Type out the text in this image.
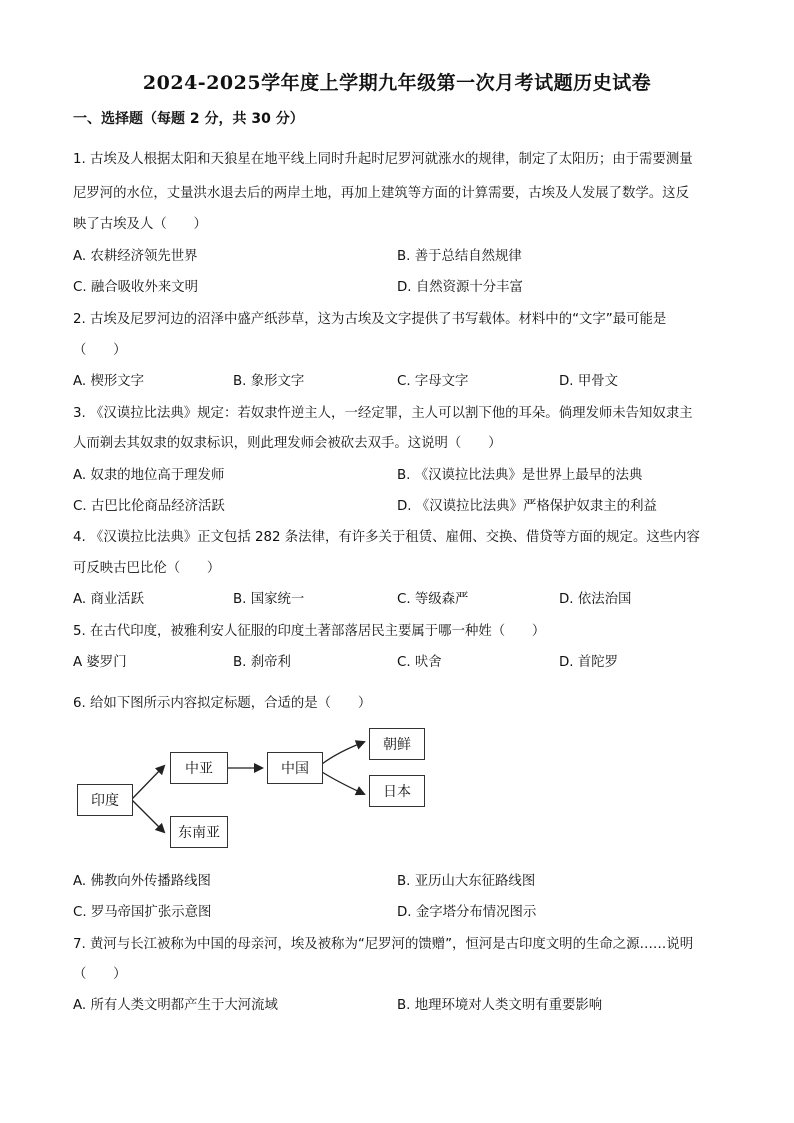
2024-2025学年度上学期九年级第一次月考试题历史试卷
一、选择题（每题 2 分，共 30 分）
1. 古埃及人根据太阳和天狼星在地平线上同时升起时尼罗河就涨水的规律，制定了太阳历；由于需要测量
尼罗河的水位，丈量洪水退去后的两岸土地，再加上建筑等方面的计算需要，古埃及人发展了数学。这反
映了古埃及人（　　）
A. 农耕经济领先世界	B. 善于总结自然规律
C. 融合吸收外来文明	D. 自然资源十分丰富
2. 古埃及尼罗河边的沼泽中盛产纸莎草，这为古埃及文字提供了书写载体。材料中的“文字”最可能是
（　　）
A. 楔形文字	B. 象形文字	C. 字母文字	D. 甲骨文
3. 《汉谟拉比法典》规定：若奴隶忤逆主人，一经定罪，主人可以割下他的耳朵。倘理发师未告知奴隶主
人而剃去其奴隶的奴隶标识，则此理发师会被砍去双手。这说明（　　）
A. 奴隶的地位高于理发师	B. 《汉谟拉比法典》是世界上最早的法典
C. 古巴比伦商品经济活跃	D. 《汉谟拉比法典》严格保护奴隶主的利益
4. 《汉谟拉比法典》正文包括 282 条法律，有许多关于租赁、雇佣、交换、借贷等方面的规定。这些内容
可反映古巴比伦（　　）
A. 商业活跃	B. 国家统一	C. 等级森严	D. 依法治国
5. 在古代印度，被雅利安人征服的印度土著部落居民主要属于哪一种姓（　　）
A 婆罗门	B. 刹帝利	C. 吠舍	D. 首陀罗
6. 给如下图所示内容拟定标题，合适的是（　　）
印度
中亚
东南亚
中国
朝鲜
日本
A. 佛教向外传播路线图	B. 亚历山大东征路线图
C. 罗马帝国扩张示意图	D. 金字塔分布情况图示
7. 黄河与长江被称为中国的母亲河，埃及被称为“尼罗河的馈赠”，恒河是古印度文明的生命之源……说明
（　　）
A. 所有人类文明都产生于大河流域	B. 地理环境对人类文明有重要影响
